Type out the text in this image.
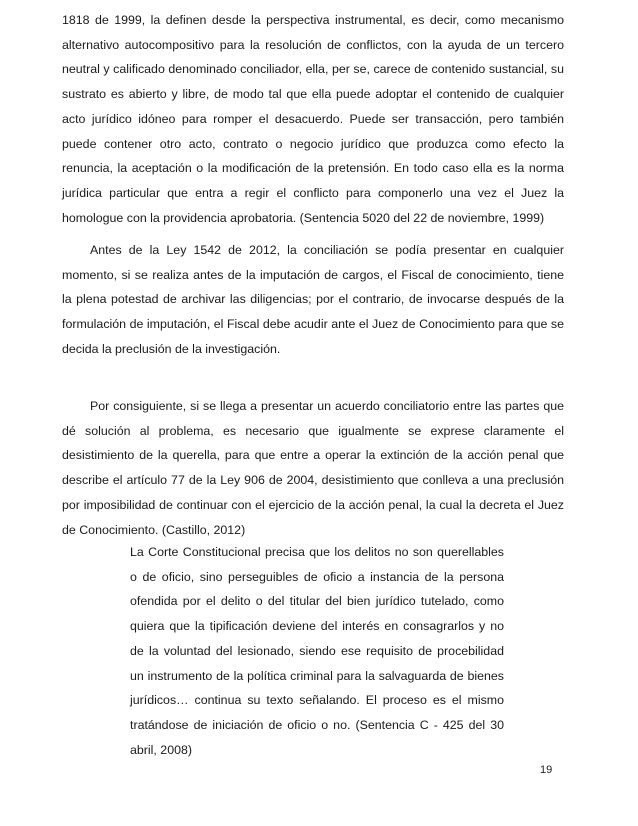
1818 de 1999, la definen desde la perspectiva instrumental, es decir, como mecanismo alternativo autocompositivo para la resolución de conflictos, con la ayuda de un tercero neutral y calificado denominado conciliador, ella, per se, carece de contenido sustancial, su sustrato es abierto y libre, de modo tal que ella puede adoptar el contenido de cualquier acto jurídico idóneo para romper el desacuerdo. Puede ser transacción, pero también puede contener otro acto, contrato o negocio jurídico que produzca como efecto la renuncia, la aceptación o la modificación de la pretensión. En todo caso ella es la norma jurídica particular que entra a regir el conflicto para componerlo una vez el Juez la homologue con la providencia aprobatoria. (Sentencia 5020 del 22 de noviembre, 1999)

Antes de la Ley 1542 de 2012, la conciliación se podía presentar en cualquier momento, si se realiza antes de la imputación de cargos, el Fiscal de conocimiento, tiene la plena potestad de archivar las diligencias; por el contrario, de invocarse después de la formulación de imputación, el Fiscal debe acudir ante el Juez de Conocimiento para que se decida la preclusión de la investigación.

Por consiguiente, si se llega a presentar un acuerdo conciliatorio entre las partes que dé solución al problema, es necesario que igualmente se exprese claramente el desistimiento de la querella, para que entre a operar la extinción de la acción penal que describe el artículo 77 de la Ley 906 de 2004, desistimiento que conlleva a una preclusión por imposibilidad de continuar con el ejercicio de la acción penal, la cual la decreta el Juez de Conocimiento. (Castillo, 2012)

La Corte Constitucional precisa que los delitos no son querellables o de oficio, sino perseguibles de oficio a instancia de la persona ofendida por el delito o del titular del bien jurídico tutelado, como quiera que la tipificación deviene del interés en consagrarlos y no de la voluntad del lesionado, siendo ese requisito de procebilidad un instrumento de la política criminal para la salvaguarda de bienes jurídicos… continua su texto señalando. El proceso es el mismo tratándose de iniciación de oficio o no. (Sentencia C - 425 del 30 abril, 2008)

19
